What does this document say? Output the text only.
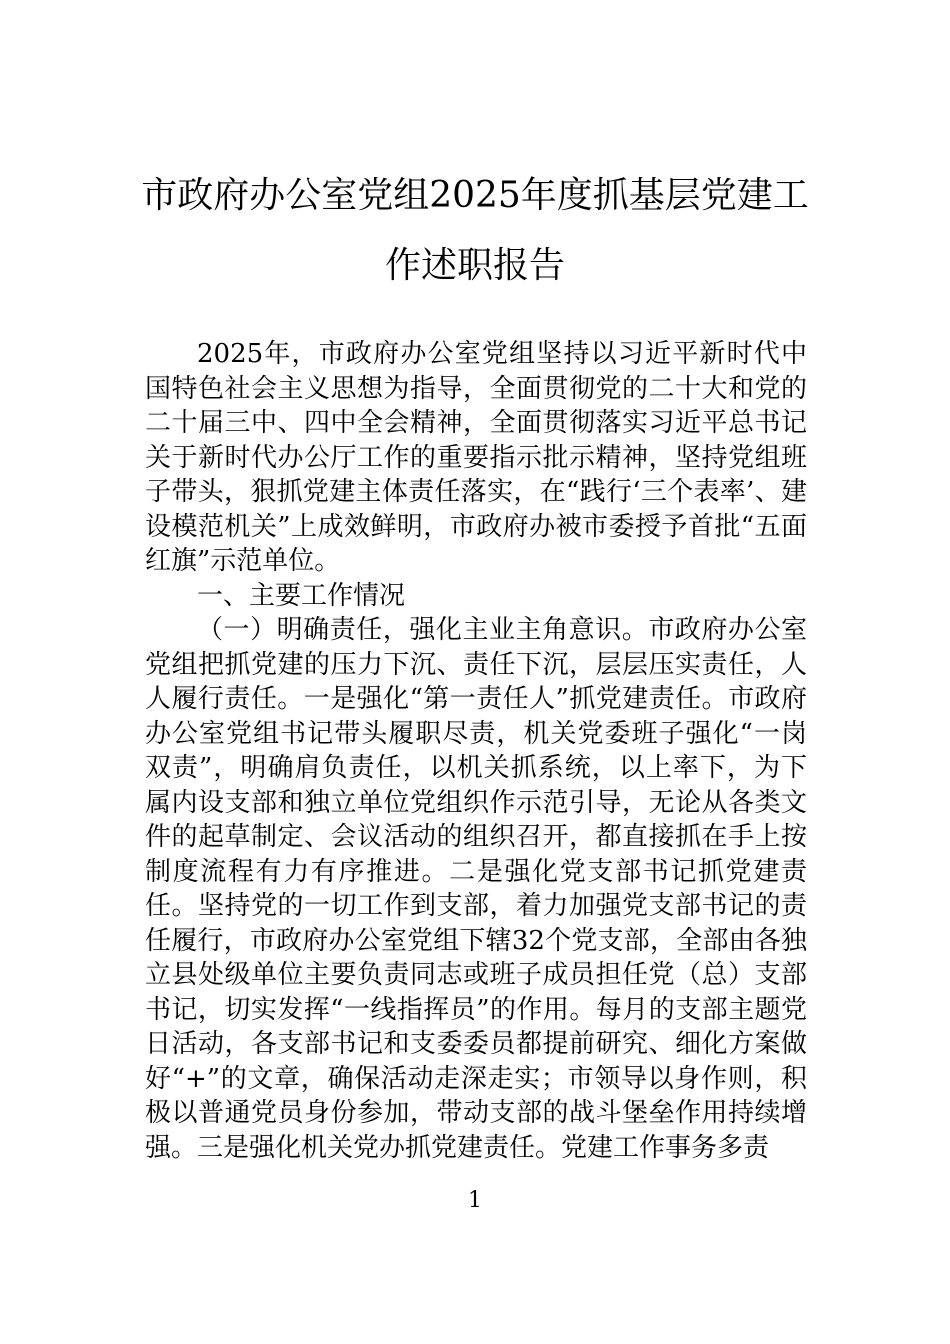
市政府办公室党组2025年度抓基层党建工
作述职报告

2025年，市政府办公室党组坚持以习近平新时代中国特色社会主义思想为指导，全面贯彻党的二十大和党的二十届三中、四中全会精神，全面贯彻落实习近平总书记关于新时代办公厅工作的重要指示批示精神，坚持党组班子带头，狠抓党建主体责任落实，在“践行‘三个表率’、建设模范机关”上成效鲜明，市政府办被市委授予首批“五面红旗”示范单位。

一、主要工作情况

（一）明确责任，强化主业主角意识。市政府办公室党组把抓党建的压力下沉、责任下沉，层层压实责任，人人履行责任。一是强化“第一责任人”抓党建责任。市政府办公室党组书记带头履职尽责，机关党委班子强化“一岗双责”，明确肩负责任，以机关抓系统，以上率下，为下属内设支部和独立单位党组织作示范引导，无论从各类文件的起草制定、会议活动的组织召开，都直接抓在手上按制度流程有力有序推进。二是强化党支部书记抓党建责任。坚持党的一切工作到支部，着力加强党支部书记的责任履行，市政府办公室党组下辖32个党支部，全部由各独立县处级单位主要负责同志或班子成员担任党（总）支部书记，切实发挥“一线指挥员”的作用。每月的支部主题党日活动，各支部书记和支委委员都提前研究、细化方案做好“+”的文章，确保活动走深走实；市领导以身作则，积极以普通党员身份参加，带动支部的战斗堡垒作用持续增强。三是强化机关党办抓党建责任。党建工作事务多责

1
